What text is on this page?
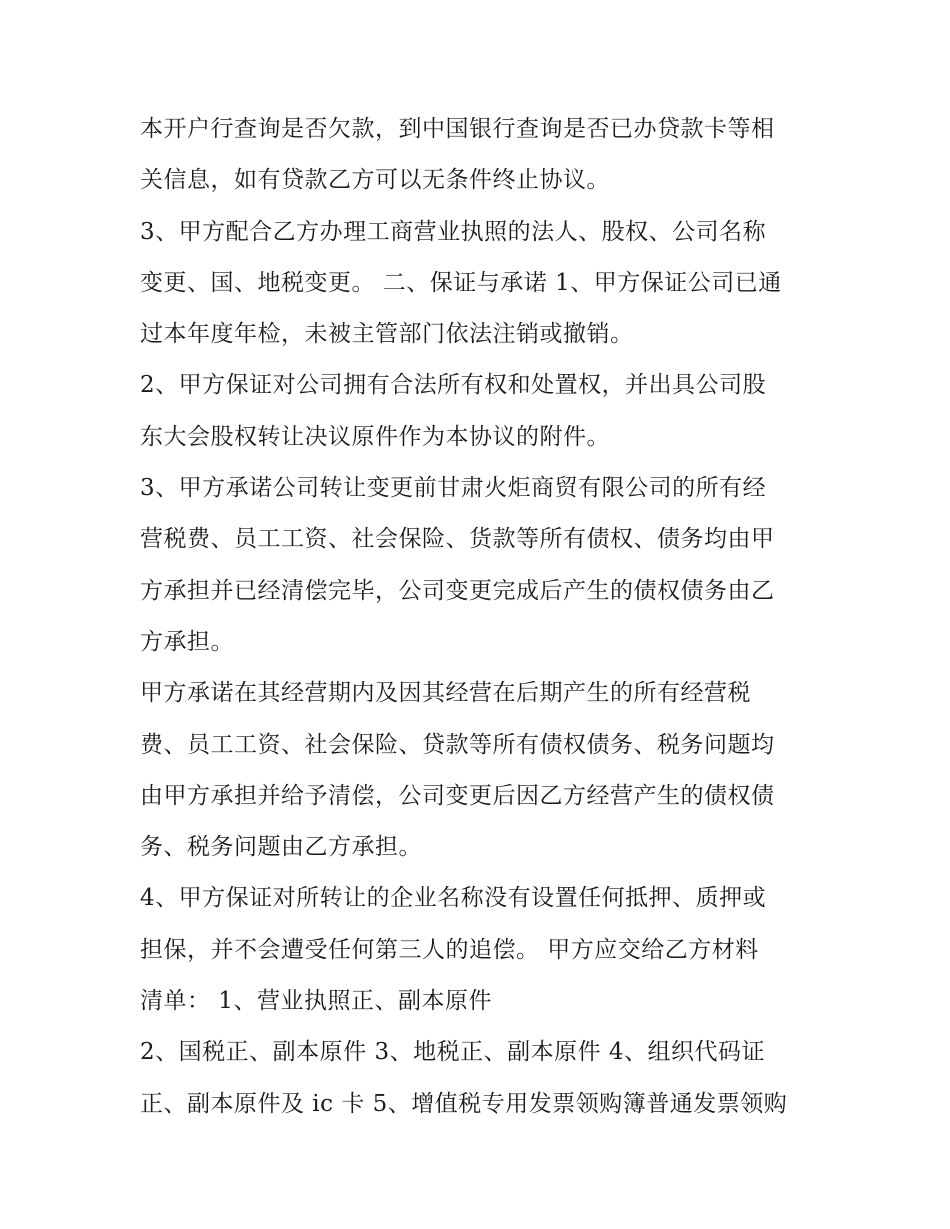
本开户行查询是否欠款，到中国银行查询是否已办贷款卡等相
关信息，如有贷款乙方可以无条件终止协议。
3、甲方配合乙方办理工商营业执照的法人、股权、公司名称
变更、国、地税变更。 二、保证与承诺 1、甲方保证公司已通
过本年度年检，未被主管部门依法注销或撤销。
2、甲方保证对公司拥有合法所有权和处置权，并出具公司股
东大会股权转让决议原件作为本协议的附件。
3、甲方承诺公司转让变更前甘肃火炬商贸有限公司的所有经
营税费、员工工资、社会保险、货款等所有债权、债务均由甲
方承担并已经清偿完毕，公司变更完成后产生的债权债务由乙
方承担。
甲方承诺在其经营期内及因其经营在后期产生的所有经营税
费、员工工资、社会保险、贷款等所有债权债务、税务问题均
由甲方承担并给予清偿，公司变更后因乙方经营产生的债权债
务、税务问题由乙方承担。
4、甲方保证对所转让的企业名称没有设置任何抵押、质押或
担保，并不会遭受任何第三人的追偿。 甲方应交给乙方材料
清单： 1、营业执照正、副本原件
2、国税正、副本原件 3、地税正、副本原件 4、组织代码证
正、副本原件及 ic 卡 5、增值税专用发票领购簿普通发票领购
